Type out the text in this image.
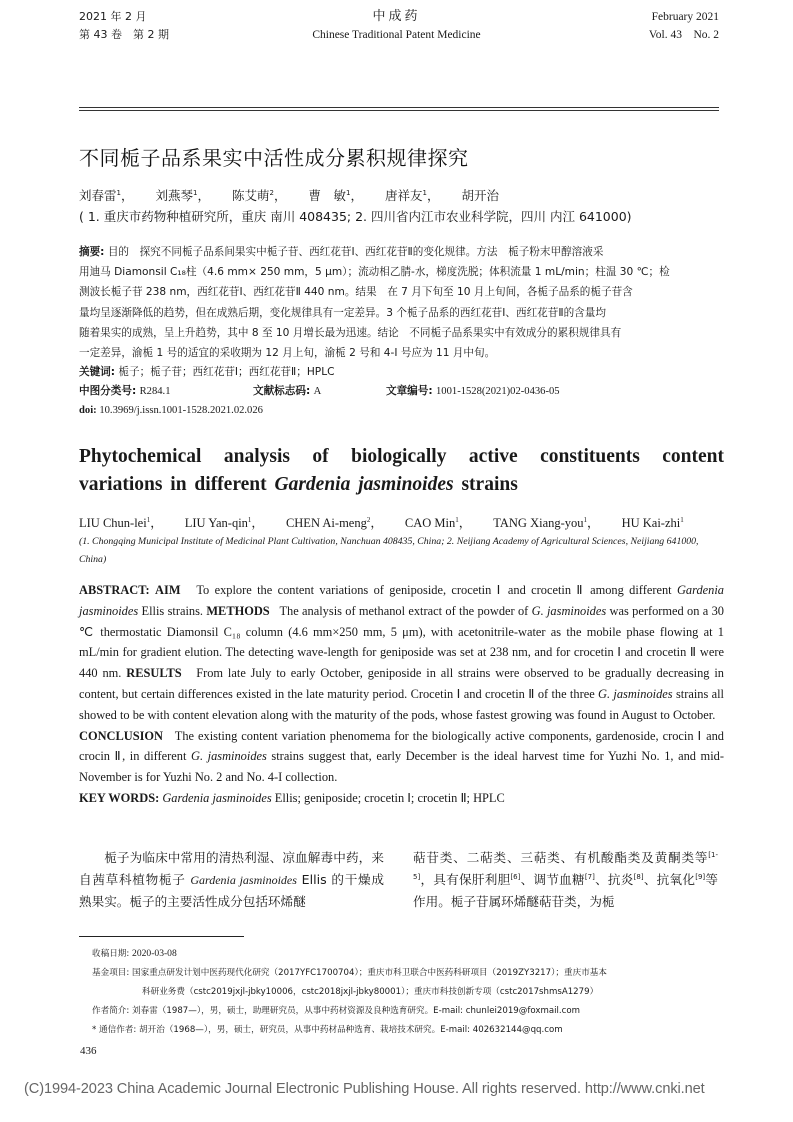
2021 年 2 月
第 43 卷　第 2 期
中成药
Chinese Traditional Patent Medicine
February 2021
Vol. 43　No. 2
不同栀子品系果实中活性成分累积规律探究
刘春雷$^1$， 刘燕琴$^1$， 陈艾萌$^2$， 曹　敏$^1$， 唐祥友$^1$， 胡开治
( 1. 重庆市药物种植研究所，重庆 南川 408435; 2. 四川省内江市农业科学院，四川 内江 641000)

摘要: 目的　探究不同栀子品系间果实中栀子苷、西红花苷Ⅰ、西红花苷Ⅱ的变化规律。方法　栀子粉末甲醇溶液采

用迪马 Diamonsil C₁₈柱（4.6 mm× 250 mm，5 μm）；流动相乙腈-水，梯度洗脱；体积流量 1 mL/min；柱温 30 ℃；检

测波长栀子苷 238 nm，西红花苷Ⅰ、西红花苷Ⅱ 440 nm。结果　在 7 月下旬至 10 月上旬间，各栀子品系的栀子苷含

量均呈逐渐降低的趋势，但在成熟后期，变化规律具有一定差异。3 个栀子品系的西红花苷Ⅰ、西红花苷Ⅱ的含量均

随着果实的成熟，呈上升趋势，其中 8 至 10 月增长最为迅速。结论　不同栀子品系果实中有效成分的累积规律具有

一定差异，渝栀 1 号的适宜的采收期为 12 月上旬，渝栀 2 号和 4-I 号应为 11 月中旬。

关键词: 栀子；栀子苷；西红花苷Ⅰ；西红花苷Ⅱ；HPLC
中图分类号: R284.1	文献标志码: A	文章编号: 1001-1528(2021)02-0436-05
doi: 10.3969/j.issn.1001-1528.2021.02.026
Phytochemical analysis of biologically active constituents content variations in different Gardenia jasminoides strains
LIU Chun-lei$^1$， LIU Yan-qin$^1$， CHEN Ai-meng$^2$， CAO Min$^1$， TANG Xiang-you$^1$， HU Kai-zhi$^1$
(1. Chongqing Municipal Institute of Medicinal Plant Cultivation, Nanchuan 408435, China; 2. Neijiang Academy of Agricultural Sciences, Neijiang 641000, China)

ABSTRACT: AIM To explore the content variations of geniposide, crocetin Ⅰ and crocetin Ⅱ among different Gardenia jasminoides Ellis strains. METHODS The analysis of methanol extract of the powder of G. jasminoides was performed on a 30 ℃ thermostatic Diamonsil C₁₈ column (4.6 mm×250 mm, 5 μm), with acetonitrile-water as the mobile phase flowing at 1 mL/min for gradient elution. The detecting wave-length for geniposide was set at 238 nm, and for crocetin Ⅰ and crocetin Ⅱ were 440 nm. RESULTS From late July to early October, geniposide in all strains were observed to be gradually decreasing in content, but certain differences existed in the late maturity period. Crocetin Ⅰ and crocetin Ⅱ of the three G. jasminoides strains all showed to be with content elevation along with the maturity of the pods, whose fastest growing was found in August to October.

CONCLUSION The existing content variation phenomema for the biologically active components, gardenoside, crocin Ⅰ and crocin Ⅱ, in different G. jasminoides strains suggest that, early December is the ideal harvest time for Yuzhi No. 1, and mid-November is for Yuzhi No. 2 and No. 4-I collection.

KEY WORDS: Gardenia jasminoides Ellis; geniposide; crocetin Ⅰ; crocetin Ⅱ; HPLC

栀子为临床中常用的清热利湿、凉血解毒中药，来自茜草科植物栀子 Gardenia jasminoides Ellis 的干燥成熟果实。栀子的主要活性成分包括环烯醚

萜苷类、二萜类、三萜类、有机酸酯类及黄酮类等[1-5]，具有保肝利胆[6]、调节血糖[7]、抗炎[8]、抗氧化[9]等作用。栀子苷属环烯醚萜苷类，为栀

收稿日期: 2020-03-08
基金项目: 国家重点研发计划中医药现代化研究（2017YFC1700704）；重庆市科卫联合中医药科研项目（2019ZY3217）；重庆市基本
科研业务费（cstc2019jxjl-jbky10006，cstc2018jxjl-jbky80001）；重庆市科技创新专项（cstc2017shmsA1279）
作者简介: 刘春雷（1987—），男，硕士，助理研究员，从事中药材资源及良种选育研究。E-mail: chunlei2019@foxmail.com
* 通信作者: 胡开治（1968—），男，硕士，研究员，从事中药材品种选育、栽培技术研究。E-mail: 402632144@qq.com
436
(C)1994-2023 China Academic Journal Electronic Publishing House. All rights reserved. http://www.cnki.net
